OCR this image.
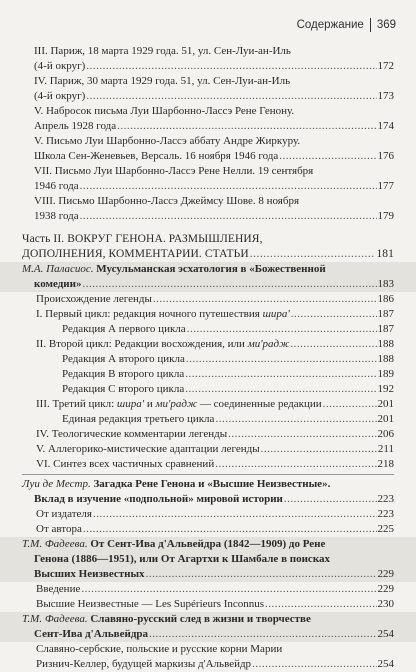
Содержание 369
III. Париж, 18 марта 1929 года. 51, ул. Сен-Луи-ан-Иль
(4-й округ) .....	172
IV. Париж, 30 марта 1929 года. 51, ул. Сен-Луи-ан-Иль
(4-й округ) .....	173
V. Набросок письма Луи Шарбонно-Лассэ Рене Генону.
Апрель 1928 года .....	174
V. Письмо Луи Шарбонно-Лассэ аббату Андре Жиркуру.
Школа Сен-Женевьев, Версаль. 16 ноября 1946 года .....	176
VII. Письмо Луи Шарбонно-Лассэ Рене Нелли. 19 сентября
1946 года .....	177
VIII. Письмо Шарбонно-Лассэ Джеймсу Шове. 8 ноября
1938 года .....	179
Часть II. ВОКРУГ ГЕНОНА. РАЗМЫШЛЕНИЯ,
ДОПОЛНЕНИЯ, КОММЕНТАРИИ. СТАТЬИ .....	181
М.А. Паласиос. Мусульманская эсхатология в «Божественной
комедии» .....	183
Происхождение легенды .....	186
I. Первый цикл: редакция ночного путешествия шира' .....	187
Редакция А первого цикла .....	187
II. Второй цикл: Редакции восхождения, или ми'радж .....	188
Редакция А второго цикла .....	188
Редакция В второго цикла .....	189
Редакция С второго цикла .....	192
III. Третий цикл: шира' и ми'радж — соединенные редакции .....	201
Единая редакция третьего цикла .....	201
IV. Теологические комментарии легенды .....	206
V. Аллегорико-мистические адаптации легенды .....	211
VI. Синтез всех частичных сравнений .....	218
Луи де Местр. Загадка Рене Генона и «Высшие Неизвестные».
Вклад в изучение «подпольной» мировой истории .....	223
От издателя .....	223
От автора .....	225
Т.М. Фадеева. От Сент-Ива д'Альвейдра (1842—1909) до Рене
Генона (1886—1951), или От Агартхи к Шамбале в поисках
Высших Неизвестных .....	229
Введение .....	229
Высшие Неизвестные — Les Supérieurs Inconnus .....	230
Т.М. Фадеева. Славяно-русский след в жизни и творчестве
Сент-Ива д'Альвейдра .....	254
Славяно-сербские, польские и русские корни Марии
Ризнич-Келлер, будущей маркизы д'Альвейдр .....	254
